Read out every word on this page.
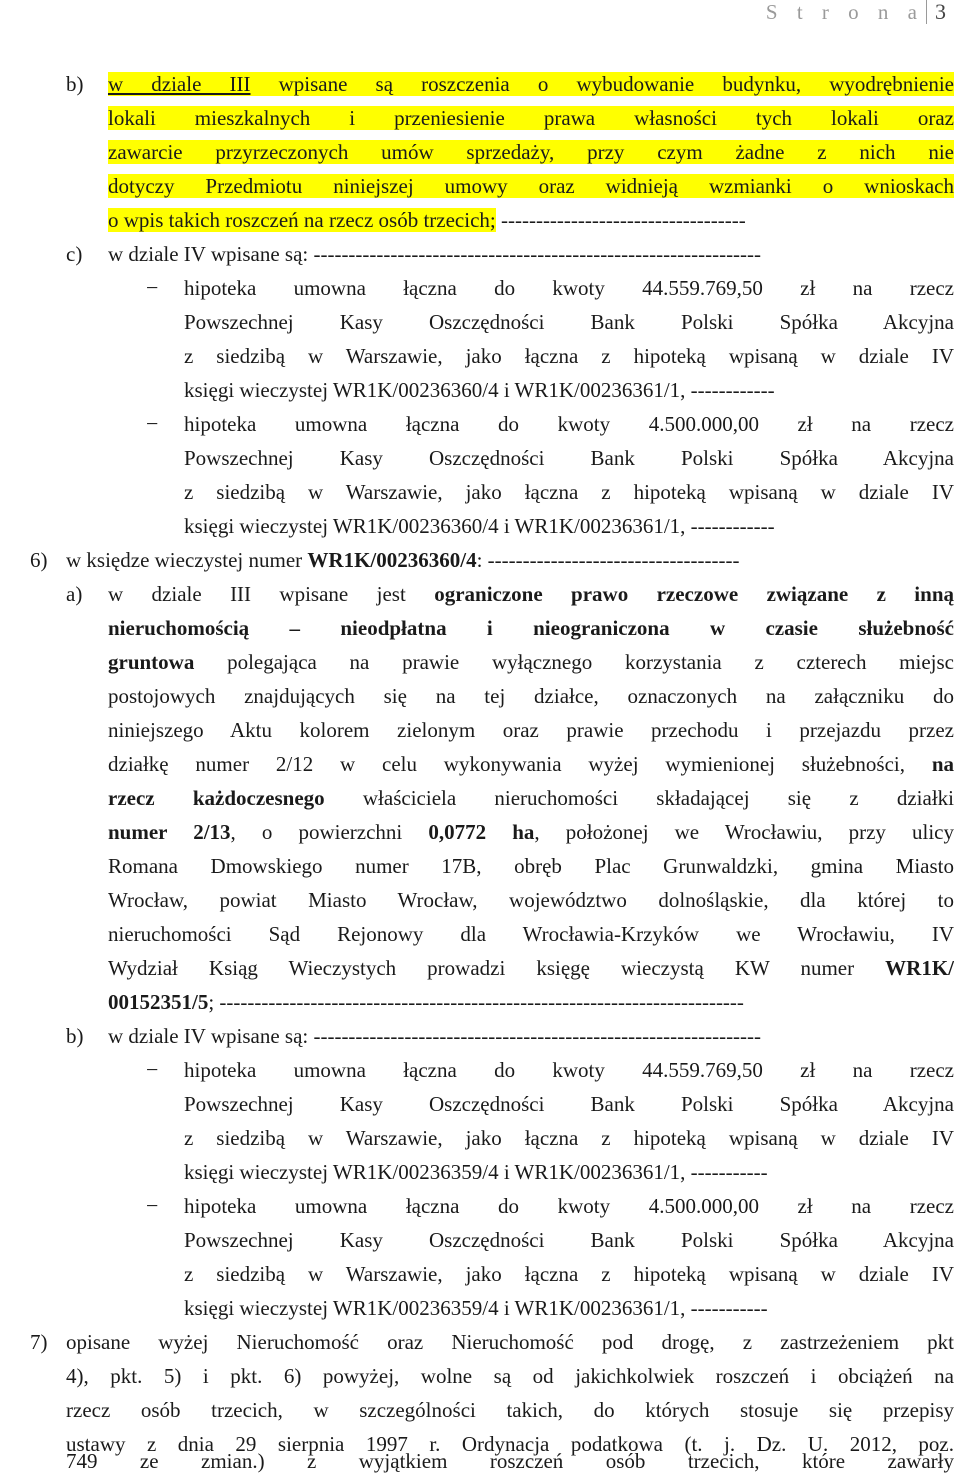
S t r o n a 3
b) w dziale III wpisane są roszczenia o wybudowanie budynku, wyodrębnienie
lokali mieszkalnych i przeniesienie prawa własności tych lokali oraz
zawarcie przyrzeczonych umów sprzedaży, przy czym żadne z nich nie
dotyczy Przedmiotu niniejszej umowy oraz widnieją wzmianki o wnioskach
o wpis takich roszczeń na rzecz osób trzecich; -----------------------------------
c) w dziale IV wpisane są: ----------------------------------------------------------------
− hipoteka umowna łączna do kwoty 44.559.769,50 zł na rzecz
Powszechnej Kasy Oszczędności Bank Polski Spółka Akcyjna
z siedzibą w Warszawie, jako łączna z hipoteką wpisaną w dziale IV
księgi wieczystej WR1K/00236360/4 i WR1K/00236361/1, ------------
− hipoteka umowna łączna do kwoty 4.500.000,00 zł na rzecz
Powszechnej Kasy Oszczędności Bank Polski Spółka Akcyjna
z siedzibą w Warszawie, jako łączna z hipoteką wpisaną w dziale IV
księgi wieczystej WR1K/00236360/4 i WR1K/00236361/1, ------------
6) w księdze wieczystej numer WR1K/00236360/4: ------------------------------------
a) w dziale III wpisane jest ograniczone prawo rzeczowe związane z inną
nieruchomością – nieodpłatna i nieograniczona w czasie służebność
gruntowa polegająca na prawie wyłącznego korzystania z czterech miejsc
postojowych znajdujących się na tej działce, oznaczonych na załączniku do
niniejszego Aktu kolorem zielonym oraz prawie przechodu i przejazdu przez
działkę numer 2/12 w celu wykonywania wyżej wymienionej służebności, na
rzecz każdoczesnego właściciela nieruchomości składającej się z działki
numer 2/13, o powierzchni 0,0772 ha, położonej we Wrocławiu, przy ulicy
Romana Dmowskiego numer 17B, obręb Plac Grunwaldzki, gmina Miasto
Wrocław, powiat Miasto Wrocław, województwo dolnośląskie, dla której to
nieruchomości Sąd Rejonowy dla Wrocławia-Krzyków we Wrocławiu, IV
Wydział Ksiąg Wieczystych prowadzi księgę wieczystą KW numer WR1K/
00152351/5; ---------------------------------------------------------------------------
b) w dziale IV wpisane są: ----------------------------------------------------------------
− hipoteka umowna łączna do kwoty 44.559.769,50 zł na rzecz
Powszechnej Kasy Oszczędności Bank Polski Spółka Akcyjna
z siedzibą w Warszawie, jako łączna z hipoteką wpisaną w dziale IV
księgi wieczystej WR1K/00236359/4 i WR1K/00236361/1, -----------
− hipoteka umowna łączna do kwoty 4.500.000,00 zł na rzecz
Powszechnej Kasy Oszczędności Bank Polski Spółka Akcyjna
z siedzibą w Warszawie, jako łączna z hipoteką wpisaną w dziale IV
księgi wieczystej WR1K/00236359/4 i WR1K/00236361/1, -----------
7) opisane wyżej Nieruchomość oraz Nieruchomość pod drogę, z zastrzeżeniem pkt
4), pkt. 5) i pkt. 6) powyżej, wolne są od jakichkolwiek roszczeń i obciążeń na
rzecz osób trzecich, w szczególności takich, do których stosuje się przepisy
ustawy z dnia 29 sierpnia 1997 r. Ordynacja podatkowa (t. j. Dz. U. 2012, poz.
749 ze zmian.) z wyjątkiem roszczeń osób trzecich, które zawarły
